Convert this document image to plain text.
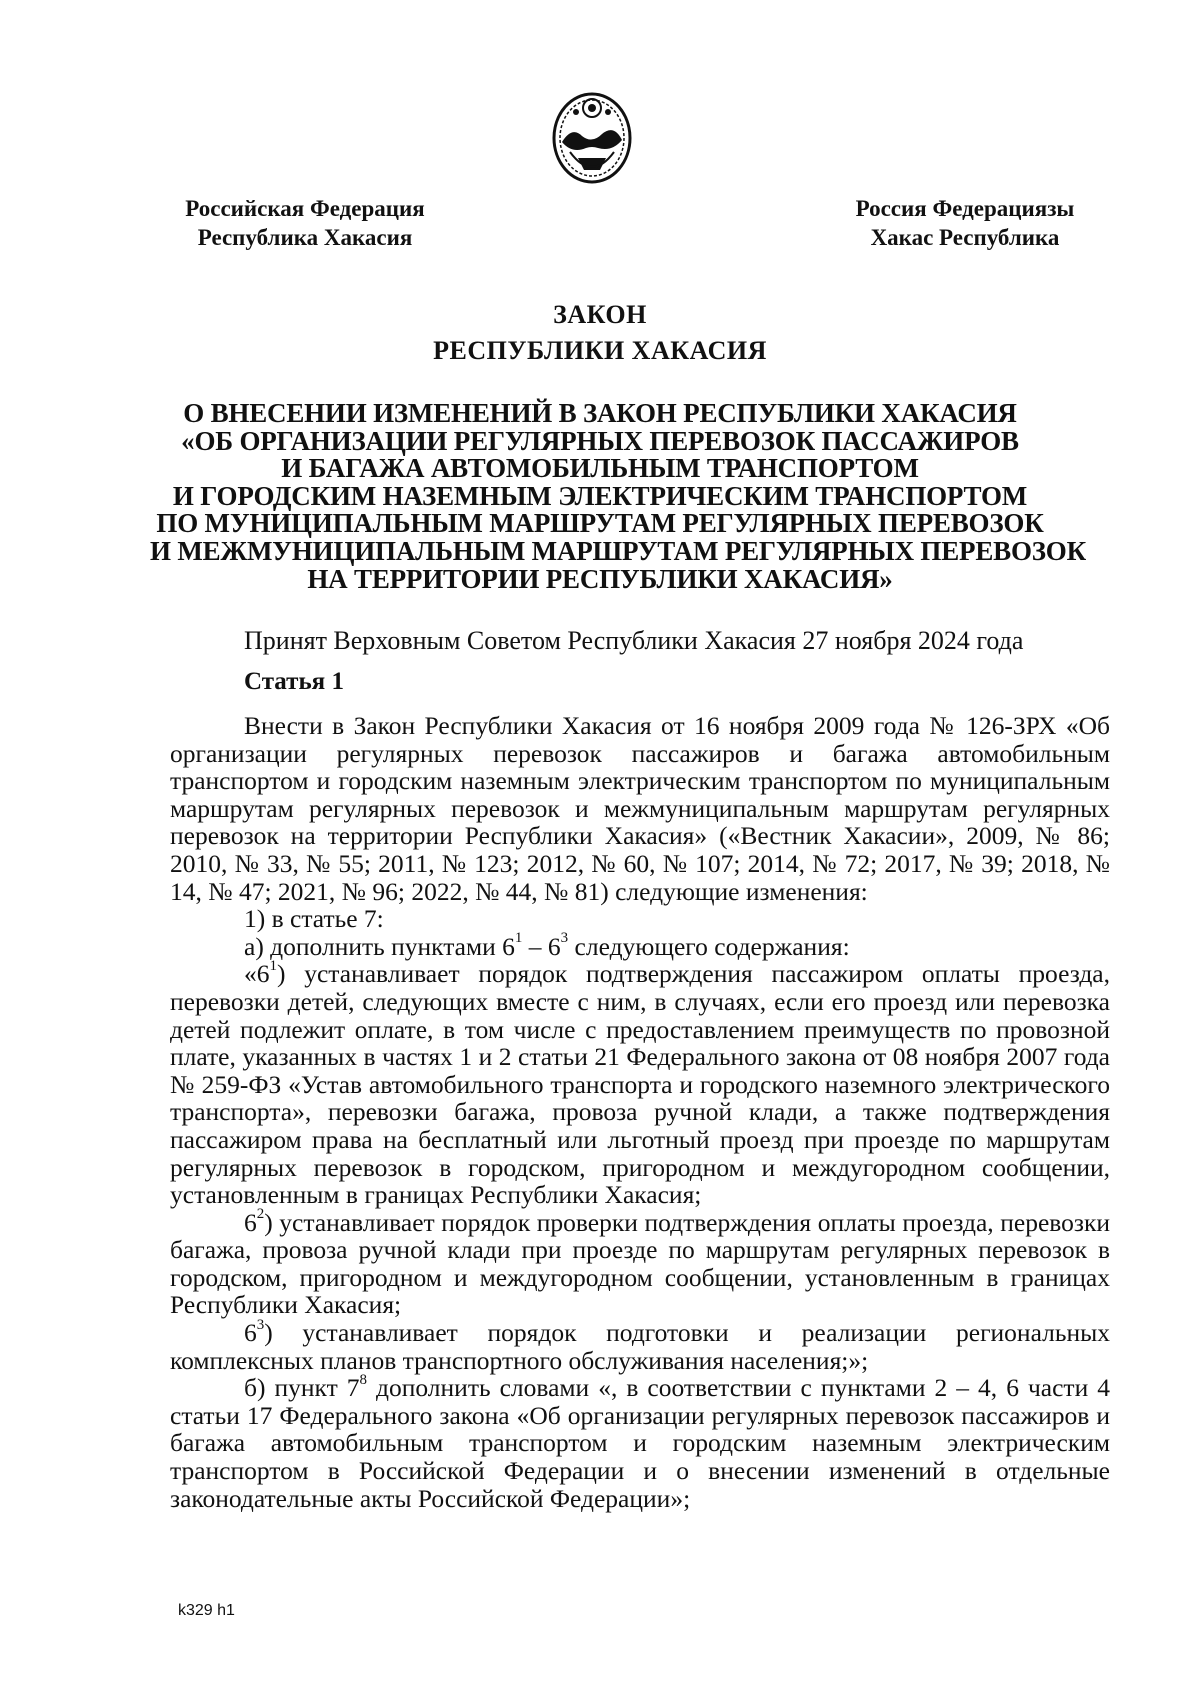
Российская Федерация
Республика Хакасия
Россия Федерациязы
Хакас Республика
ЗАКОН
РЕСПУБЛИКИ ХАКАСИЯ
О ВНЕСЕНИИ ИЗМЕНЕНИЙ В ЗАКОН РЕСПУБЛИКИ ХАКАСИЯ
«ОБ ОРГАНИЗАЦИИ РЕГУЛЯРНЫХ ПЕРЕВОЗОК ПАССАЖИРОВ
И БАГАЖА АВТОМОБИЛЬНЫМ ТРАНСПОРТОМ
И ГОРОДСКИМ НАЗЕМНЫМ ЭЛЕКТРИЧЕСКИМ ТРАНСПОРТОМ
ПО МУНИЦИПАЛЬНЫМ МАРШРУТАМ РЕГУЛЯРНЫХ ПЕРЕВОЗОК
И МЕЖМУНИЦИПАЛЬНЫМ МАРШРУТАМ РЕГУЛЯРНЫХ ПЕРЕВОЗОК
НА ТЕРРИТОРИИ РЕСПУБЛИКИ ХАКАСИЯ»
Принят Верховным Советом Республики Хакасия 27 ноября 2024 года
Статья 1

Внести в Закон Республики Хакасия от 16 ноября 2009 года № 126-ЗРХ «Об организации регулярных перевозок пассажиров и багажа автомобильным транспортом и городским наземным электрическим транспортом по муниципальным маршрутам регулярных перевозок и межмуниципальным маршрутам регулярных перевозок на территории Республики Хакасия» («Вестник Хакасии», 2009, № 86; 2010, № 33, № 55; 2011, № 123; 2012, № 60, № 107; 2014, № 72; 2017, № 39; 2018, № 14, № 47; 2021, № 96; 2022, № 44, № 81) следующие изменения:

1) в статье 7:

а) дополнить пунктами $6^1 - 6^3$ следующего содержания:

«$6^1$) устанавливает порядок подтверждения пассажиром оплаты проезда, перевозки детей, следующих вместе с ним, в случаях, если его проезд или перевозка детей подлежит оплате, в том числе с предоставлением преимуществ по провозной плате, указанных в частях 1 и 2 статьи 21 Федерального закона от 08 ноября 2007 года № 259-ФЗ «Устав автомобильного транспорта и городского наземного электрического транспорта», перевозки багажа, провоза ручной клади, а также подтверждения пассажиром права на бесплатный или льготный проезд при проезде по маршрутам регулярных перевозок в городском, пригородном и междугородном сообщении, установленным в границах Республики Хакасия;

$6^2$) устанавливает порядок проверки подтверждения оплаты проезда, перевозки багажа, провоза ручной клади при проезде по маршрутам регулярных перевозок в городском, пригородном и междугородном сообщении, установленным в границах Республики Хакасия;

$6^3$) устанавливает порядок подготовки и реализации региональных комплексных планов транспортного обслуживания населения;»;

б) пункт $7^8$ дополнить словами «, в соответствии с пунктами 2 – 4, 6 части 4 статьи 17 Федерального закона «Об организации регулярных перевозок пассажиров и багажа автомобильным транспортом и городским наземным электрическим транспортом в Российской Федерации и о внесении изменений в отдельные законодательные акты Российской Федерации»;

k329 h1
